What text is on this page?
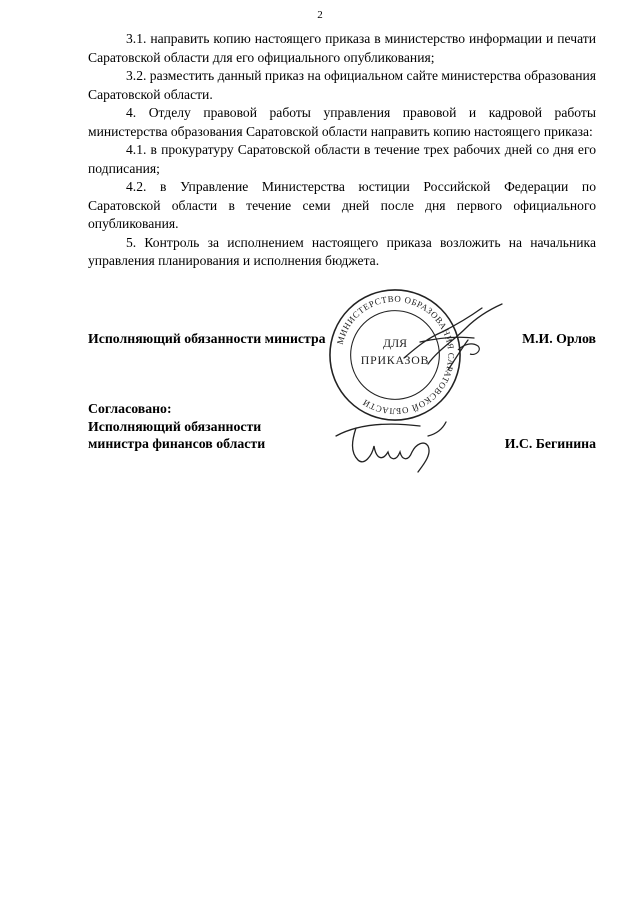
2

3.1. направить копию настоящего приказа в министерство информации и печати Саратовской области для его официального опубликования;

3.2. разместить данный приказ на официальном сайте министерства образования Саратовской области.

4. Отделу правовой работы управления правовой и кадровой работы министерства образования Саратовской области направить копию настоящего приказа:

4.1. в прокуратуру Саратовской области в течение трех рабочих дней со дня его подписания;

4.2. в Управление Министерства юстиции Российской Федерации по Саратовской области в течение семи дней после дня первого официального опубликования.

5. Контроль за исполнением настоящего приказа возложить на начальника управления планирования и исполнения бюджета.

МИНИСТЕРСТВО ОБРАЗОВАНИЯ САРАТОВСКОЙ ОБЛАСТИ
ДЛЯ
ПРИКАЗОВ
Исполняющий обязанности министра	М.И. Орлов
Согласовано:
Исполняющий обязанности
министра финансов области	И.С. Бегинина
